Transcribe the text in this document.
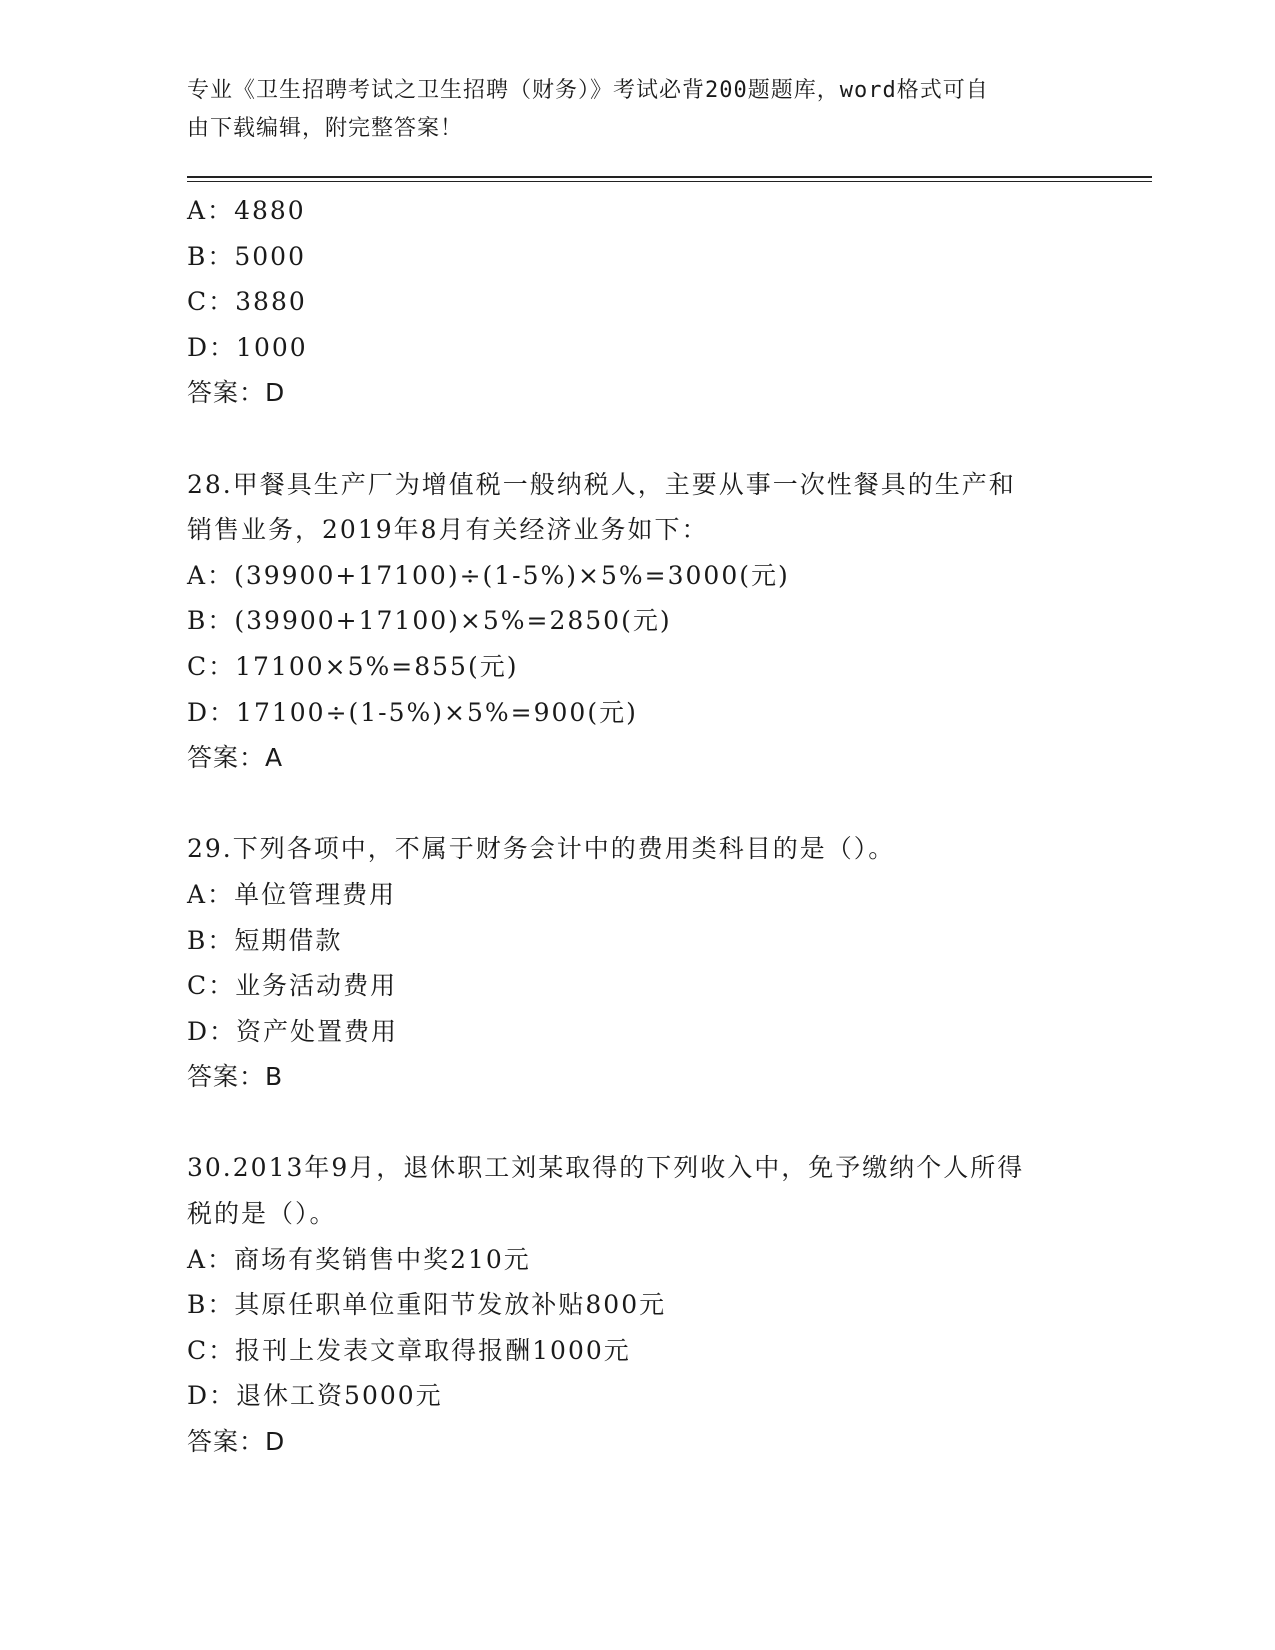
专业《卫生招聘考试之卫生招聘（财务）》考试必背200题题库，word格式可自
由下载编辑，附完整答案！
A：4880
B：5000
C：3880
D：1000
答案：D
28.甲餐具生产厂为增值税一般纳税人，主要从事一次性餐具的生产和
销售业务，2019年8月有关经济业务如下：
A：(39900+17100)÷(1-5%)×5%=3000(元)
B：(39900+17100)×5%=2850(元)
C：17100×5%=855(元)
D：17100÷(1-5%)×5%=900(元)
答案：A
29.下列各项中，不属于财务会计中的费用类科目的是（）。
A：单位管理费用
B：短期借款
C：业务活动费用
D：资产处置费用
答案：B
30.2013年9月，退休职工刘某取得的下列收入中，免予缴纳个人所得
税的是（）。
A：商场有奖销售中奖210元
B：其原任职单位重阳节发放补贴800元
C：报刊上发表文章取得报酬1000元
D：退休工资5000元
答案：D
